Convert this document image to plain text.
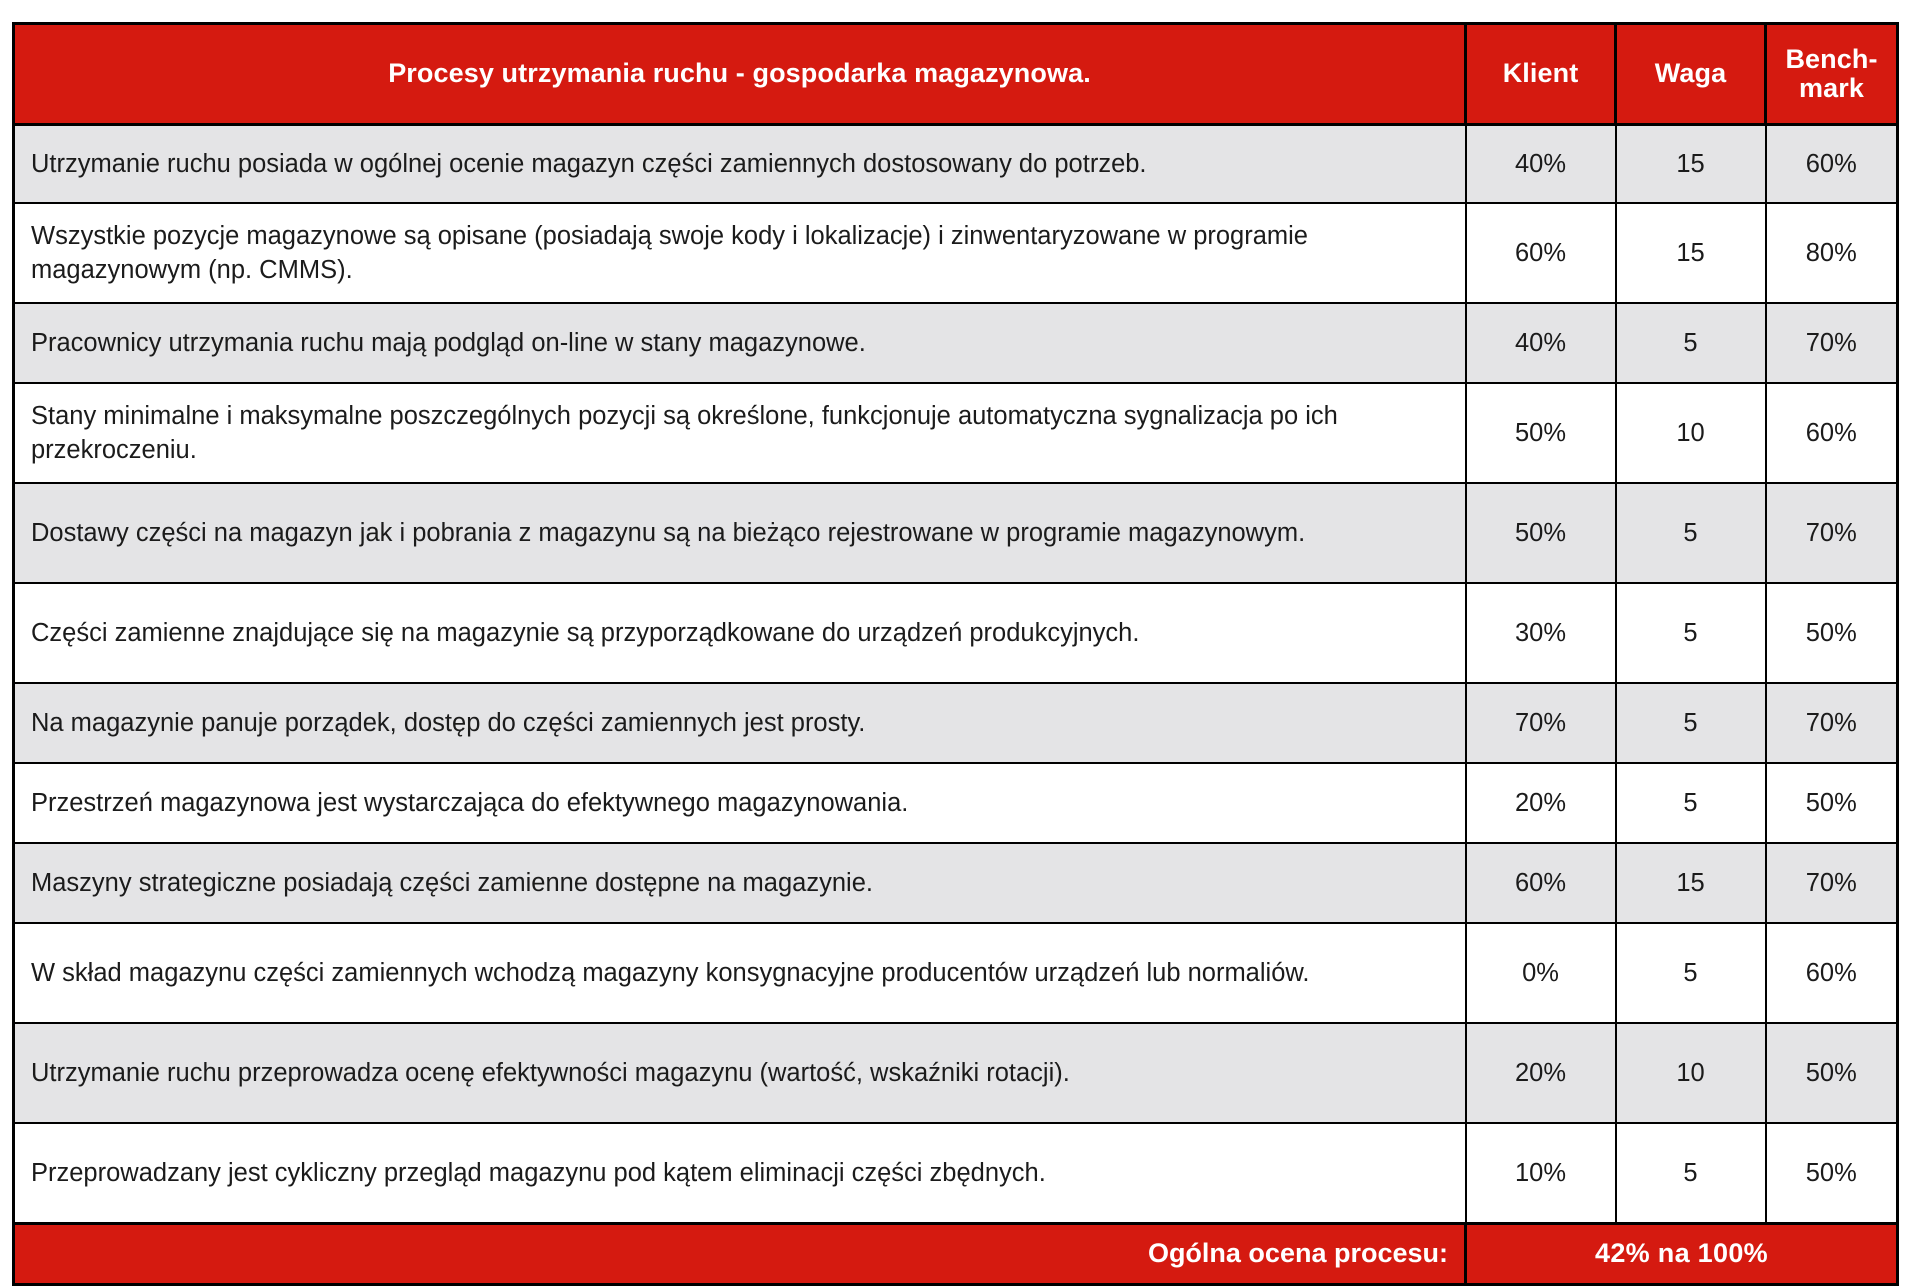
Procesy utrzymania ruchu - gospodarka magazynowa.	Klient	Waga	Bench-
mark
Utrzymanie ruchu posiada w ogólnej ocenie magazyn części zamiennych dostosowany do potrzeb.	40%	15	60%
Wszystkie pozycje magazynowe są opisane (posiadają swoje kody i lokalizacje) i zinwentaryzowane w programie magazynowym (np. CMMS).	60%	15	80%
Pracownicy utrzymania ruchu mają podgląd on-line w stany magazynowe.	40%	5	70%
Stany minimalne i maksymalne poszczególnych pozycji są określone, funkcjonuje automatyczna sygnalizacja po ich przekroczeniu.	50%	10	60%
Dostawy części na magazyn jak i pobrania z magazynu są na bieżąco rejestrowane w programie magazynowym.	50%	5	70%
Części zamienne znajdujące się na magazynie są przyporządkowane do urządzeń produkcyjnych.	30%	5	50%
Na magazynie panuje porządek, dostęp do części zamiennych jest prosty.	70%	5	70%
Przestrzeń magazynowa jest wystarczająca do efektywnego magazynowania.	20%	5	50%
Maszyny strategiczne posiadają części zamienne dostępne na magazynie.	60%	15	70%
W skład magazynu części zamiennych wchodzą magazyny konsygnacyjne producentów urządzeń lub normaliów.	0%	5	60%
Utrzymanie ruchu przeprowadza ocenę efektywności magazynu (wartość, wskaźniki rotacji).	20%	10	50%
Przeprowadzany jest cykliczny przegląd magazynu pod kątem eliminacji części zbędnych.	10%	5	50%
Ogólna ocena procesu:	42% na 100%		
